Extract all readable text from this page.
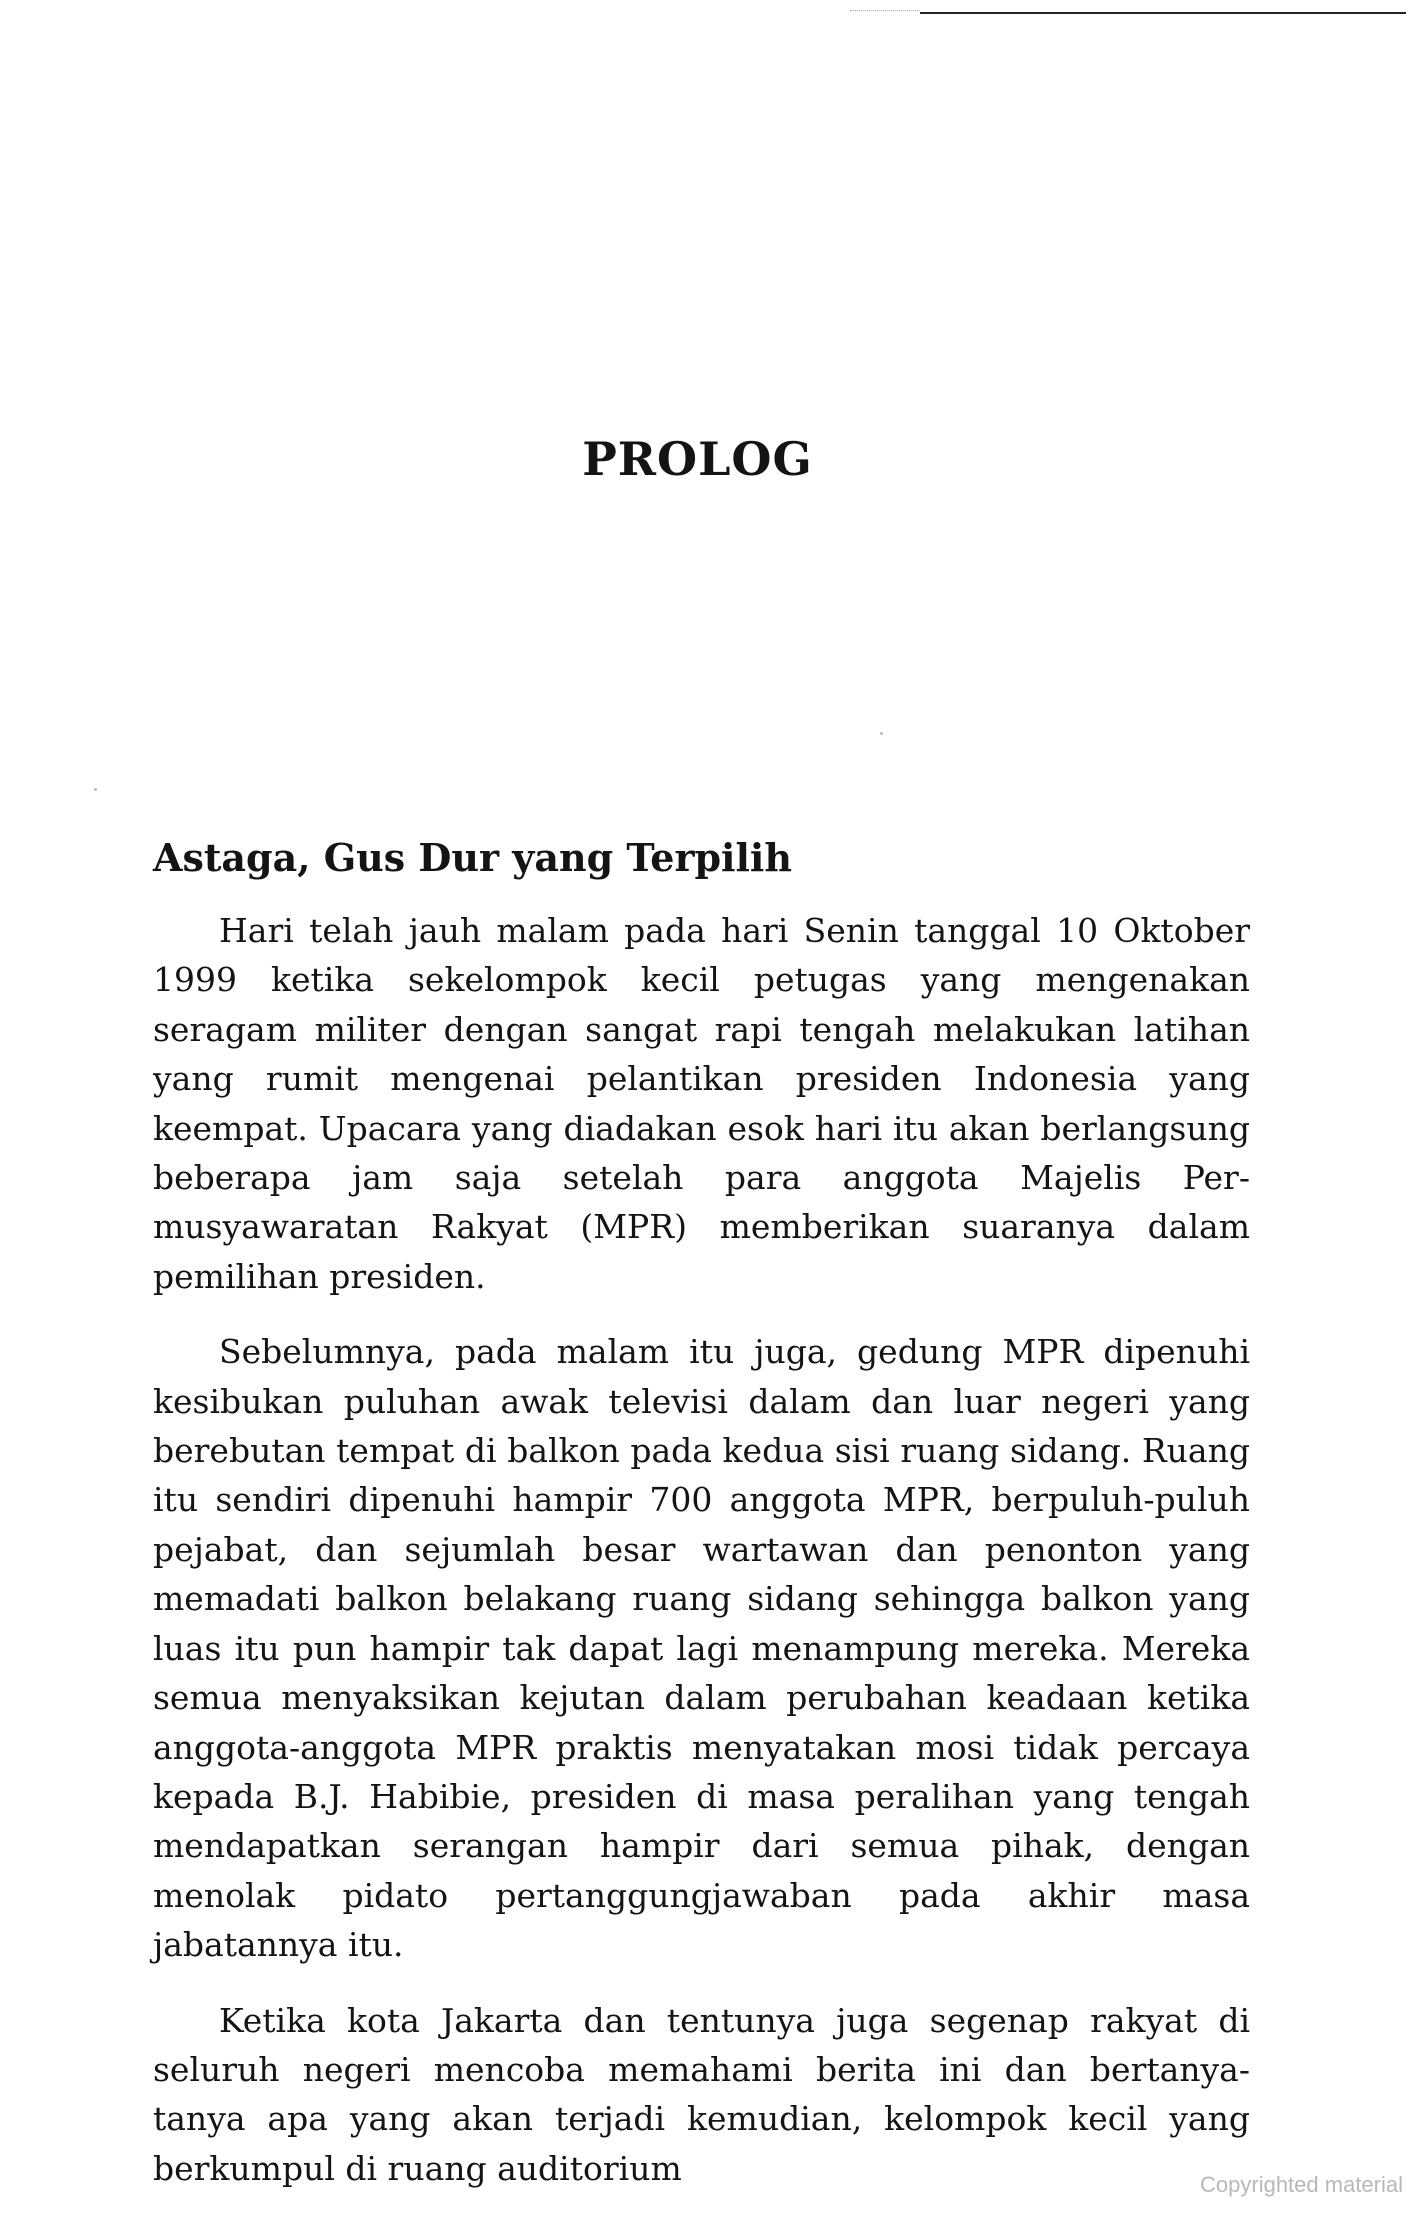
PROLOG
Astaga, Gus Dur yang Terpilih

Hari telah jauh malam pada hari Senin tanggal 10 Oktober 1999 ketika sekelompok kecil petugas yang mengenakan seragam militer dengan sangat rapi tengah melakukan latihan yang rumit mengenai pelantikan presiden Indonesia yang keempat. Upacara yang diadakan esok hari itu akan berlangsung beberapa jam saja setelah para anggota Majelis Permusyawaratan Rakyat (MPR) memberikan suaranya dalam pemilihan presiden.

Sebelumnya, pada malam itu juga, gedung MPR dipenuhi kesibukan puluhan awak televisi dalam dan luar negeri yang berebutan tempat di balkon pada kedua sisi ruang sidang. Ruang itu sendiri dipenuhi hampir 700 anggota MPR, berpuluh-puluh pejabat, dan sejumlah besar wartawan dan penonton yang memadati balkon belakang ruang sidang sehingga balkon yang luas itu pun hampir tak dapat lagi menampung mereka. Mereka semua menyaksikan kejutan dalam perubahan keadaan ketika anggota-anggota MPR praktis menyatakan mosi tidak percaya kepada B.J. Habibie, presiden di masa peralihan yang tengah mendapatkan serangan hampir dari semua pihak, dengan menolak pidato pertanggungjawaban pada akhir masa jabatannya itu.

Ketika kota Jakarta dan tentunya juga segenap rakyat di seluruh negeri mencoba memahami berita ini dan bertanya-tanya apa yang akan terjadi kemudian, kelompok kecil yang berkumpul di ruang auditorium	Copyrighted material
